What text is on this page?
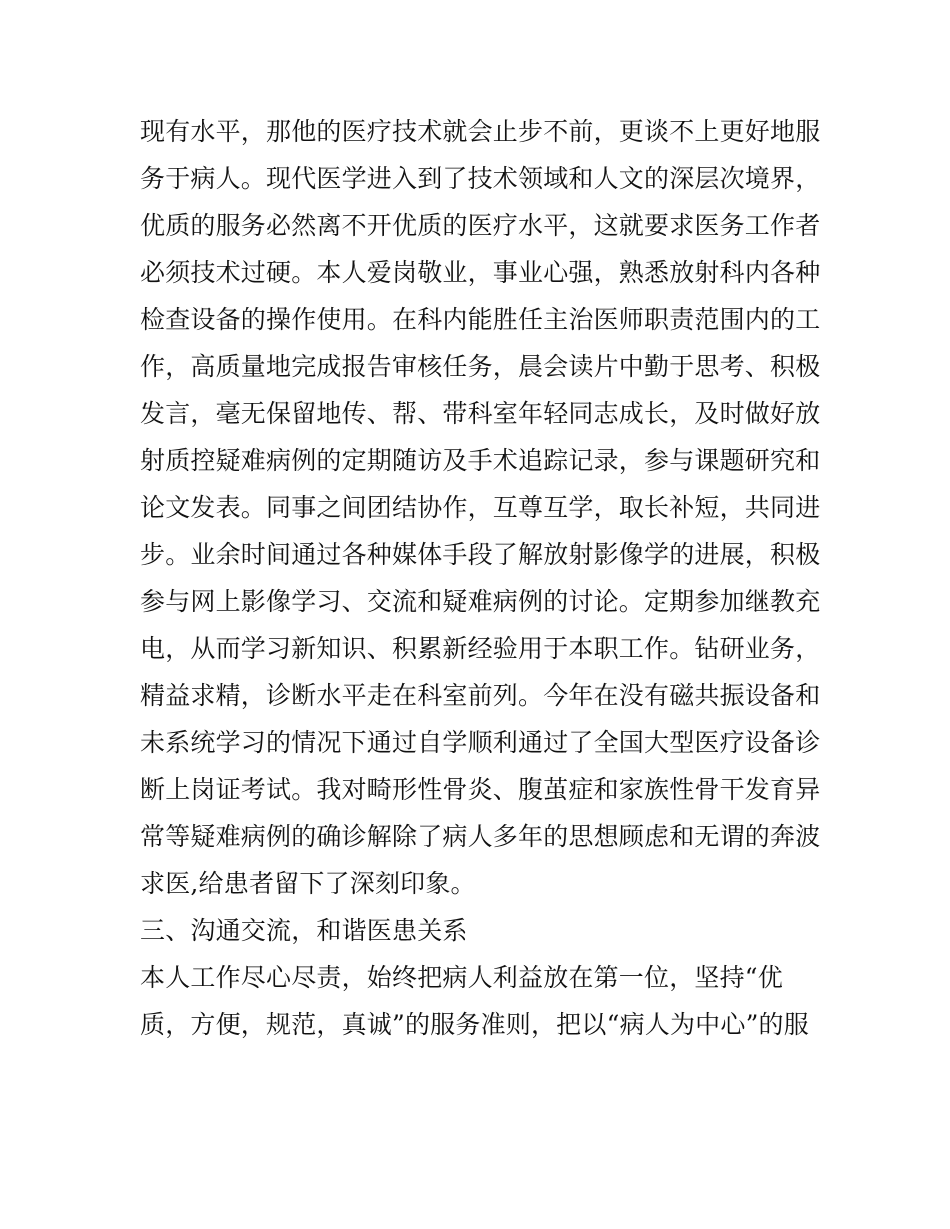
现有水平，那他的医疗技术就会止步不前，更谈不上更好地服
务于病人。现代医学进入到了技术领域和人文的深层次境界，
优质的服务必然离不开优质的医疗水平，这就要求医务工作者
必须技术过硬。本人爱岗敬业，事业心强，熟悉放射科内各种
检查设备的操作使用。在科内能胜任主治医师职责范围内的工
作，高质量地完成报告审核任务，晨会读片中勤于思考、积极
发言，毫无保留地传、帮、带科室年轻同志成长，及时做好放
射质控疑难病例的定期随访及手术追踪记录，参与课题研究和
论文发表。同事之间团结协作，互尊互学，取长补短，共同进
步。业余时间通过各种媒体手段了解放射影像学的进展，积极
参与网上影像学习、交流和疑难病例的讨论。定期参加继教充
电，从而学习新知识、积累新经验用于本职工作。钻研业务，
精益求精，诊断水平走在科室前列。今年在没有磁共振设备和
未系统学习的情况下通过自学顺利通过了全国大型医疗设备诊
断上岗证考试。我对畸形性骨炎、腹茧症和家族性骨干发育异
常等疑难病例的确诊解除了病人多年的思想顾虑和无谓的奔波
求医,给患者留下了深刻印象。
三、沟通交流，和谐医患关系
本人工作尽心尽责，始终把病人利益放在第一位，坚持“优
质，方便，规范，真诚”的服务准则，把以“病人为中心”的服
